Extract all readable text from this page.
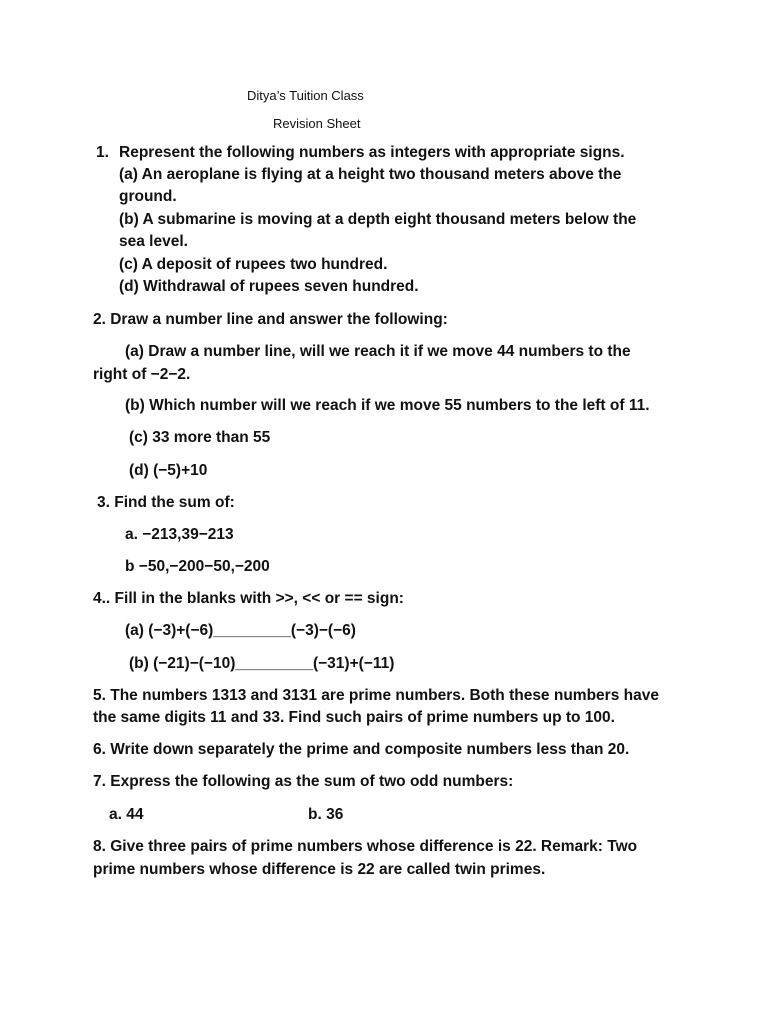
Ditya’s Tuition Class
Revision Sheet
1. Represent the following numbers as integers with appropriate signs.
(a) An aeroplane is flying at a height two thousand meters above the
ground.
(b) A submarine is moving at a depth eight thousand meters below the
sea level.
(c) A deposit of rupees two hundred.
(d) Withdrawal of rupees seven hundred.
2. Draw a number line and answer the following:
(a) Draw a number line, will we reach it if we move 44 numbers to the
right of −2−2.
(b) Which number will we reach if we move 55 numbers to the left of 11.
(c) 33 more than 55
(d) (−5)+10
3. Find the sum of:
a. −213,39−213
b −50,−200−50,−200
4.. Fill in the blanks with >>, << or == sign:
(a) (−3)+(−6)_________(−3)−(−6)
(b) (−21)−(−10)_________(−31)+(−11)
5. The numbers 1313 and 3131 are prime numbers. Both these numbers have
the same digits 11 and 33. Find such pairs of prime numbers up to 100.
6. Write down separately the prime and composite numbers less than 20.
7. Express the following as the sum of two odd numbers:
a. 44	b. 36
8. Give three pairs of prime numbers whose difference is 22. Remark: Two
prime numbers whose difference is 22 are called twin primes.
